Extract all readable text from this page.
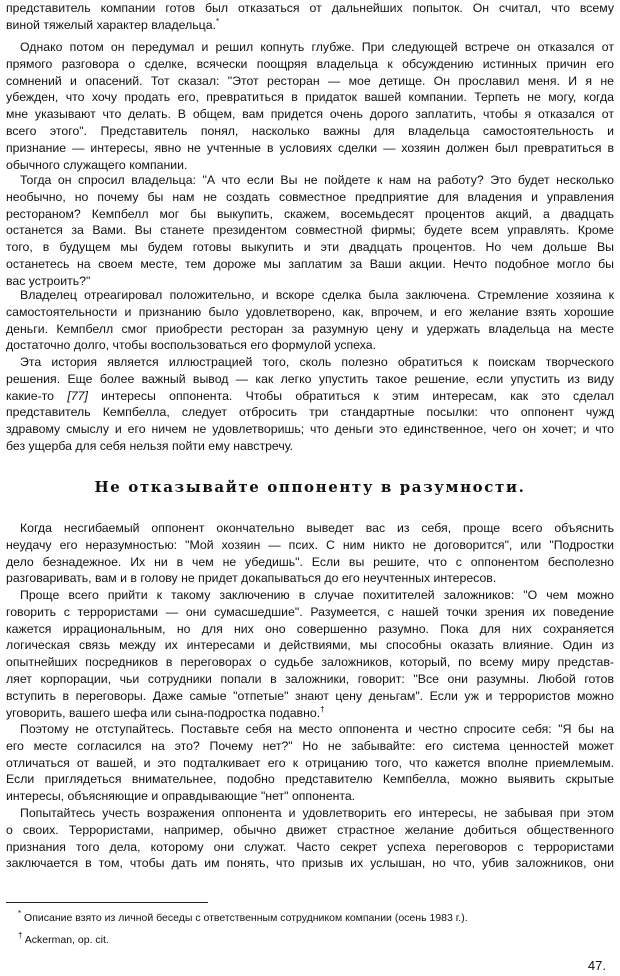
представитель компании готов был отказаться от дальнейших попыток. Он считал, что всему
виной тяжелый характер владельца.*

Однако потом он передумал и решил копнуть глубже. При следующей встрече он отказался от
прямого разговора о сделке, всячески поощряя владельца к обсуждению истинных причин его
сомнений и опасений. Тот сказал: "Этот ресторан — мое детище. Он прославил меня. И я не
убежден, что хочу продать его, превратиться в придаток вашей компании. Терпеть не могу, когда
мне указывают что делать. В общем, вам придется очень дорого заплатить, чтобы я отказался от
всего этого". Представитель понял, насколько важны для владельца самостоятельность и
признание — интересы, явно не учтенные в условиях сделки — хозяин должен был превратиться в
обычного служащего компании.

Тогда он спросил владельца: "А что если Вы не пойдете к нам на работу? Это будет несколько
необычно, но почему бы нам не создать совместное предприятие для владения и управления
рестораном? Кемпбелл мог бы выкупить, скажем, восемьдесят процентов акций, а двадцать
останется за Вами. Вы станете президентом совместной фирмы; будете всем управлять. Кроме
того, в будущем мы будем готовы выкупить и эти двадцать процентов. Но чем дольше Вы
останетесь на своем месте, тем дороже мы заплатим за Ваши акции. Нечто подобное могло бы
вас устроить?"

Владелец отреагировал положительно, и вскоре сделка была заключена. Стремление хозяина к
самостоятельности и признанию было удовлетворено, как, впрочем, и его желание взять хорошие
деньги. Кемпбелл смог приобрести ресторан за разумную цену и удержать владельца на месте
достаточно долго, чтобы воспользоваться его формулой успеха.

Эта история является иллюстрацией того, сколь полезно обратиться к поискам творческого
решения. Еще более важный вывод — как легко упустить такое решение, если упустить из виду
какие-то [77] интересы оппонента. Чтобы обратиться к этим интересам, как это сделал
представитель Кемпбелла, следует отбросить три стандартные посылки: что оппонент чужд
здравому смыслу и его ничем не удовлетворишь; что деньги это единственное, чего он хочет; и что
без ущерба для себя нельзя пойти ему навстречу.

Не отказывайте оппоненту в разумности.

Когда несгибаемый оппонент окончательно выведет вас из себя, проще всего объяснить
неудачу его неразумностью: "Мой хозяин — псих. С ним никто не договорится", или "Подростки
дело безнадежное. Их ни в чем не убедишь". Если вы решите, что с оппонентом бесполезно
разговаривать, вам и в голову не придет докапываться до его неучтенных интересов.

Проще всего прийти к такому заключению в случае похитителей заложников: "О чем можно
говорить с террористами — они сумасшедшие". Разумеется, с нашей точки зрения их поведение
кажется иррациональным, но для них оно совершенно разумно. Пока для них сохраняется
логическая связь между их интересами и действиями, мы способны оказать влияние. Один из
опытнейших посредников в переговорах о судьбе заложников, который, по всему миру представ-
ляет корпорации, чьи сотрудники попали в заложники, говорит: "Все они разумны. Любой готов
вступить в переговоры. Даже самые "отпетые" знают цену деньгам". Если уж и террористов можно
уговорить, вашего шефа или сына-подростка подавно.†

Поэтому не отступайтесь. Поставьте себя на место оппонента и честно спросите себя: "Я бы на
его месте согласился на это? Почему нет?" Но не забывайте: его система ценностей может
отличаться от вашей, и это подталкивает его к отрицанию того, что кажется вполне приемлемым.
Если приглядеться внимательнее, подобно представителю Кемпбелла, можно выявить скрытые
интересы, объясняющие и оправдывающие "нет" оппонента.

Попытайтесь учесть возражения оппонента и удовлетворить его интересы, не забывая при этом
о своих. Террористами, например, обычно движет страстное желание добиться общественного
признания того дела, которому они служат. Часто секрет успеха переговоров с террористами
заключается в том, чтобы дать им понять, что призыв их услышан, но что, убив заложников, они

* Описание взято из личной беседы с ответственным сотрудником компании (осень 1983 г.).

† Ackerman, op. cit.

47.
